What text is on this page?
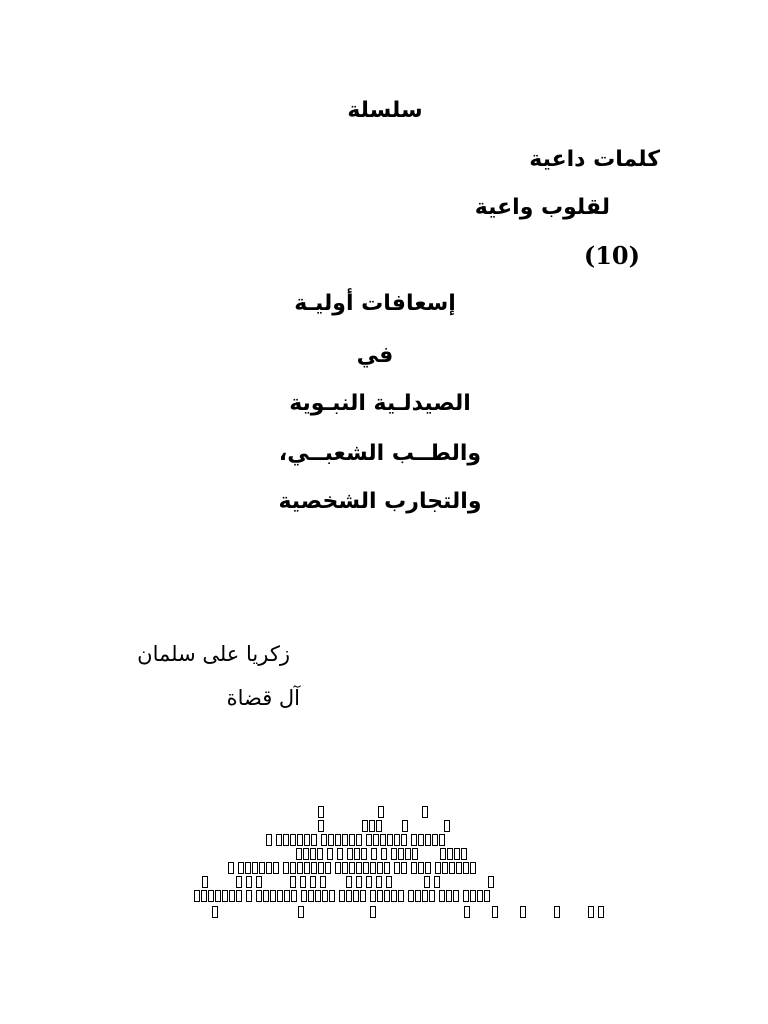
سلسلة
كلمات داعية
لقلوب واعية
(10)
إسعافات أوليـة
في
الصيدلـية النبـوية
والطــب الشعبــي،
والتجارب الشخصية
زكريا على سلمان
آل قضاة
